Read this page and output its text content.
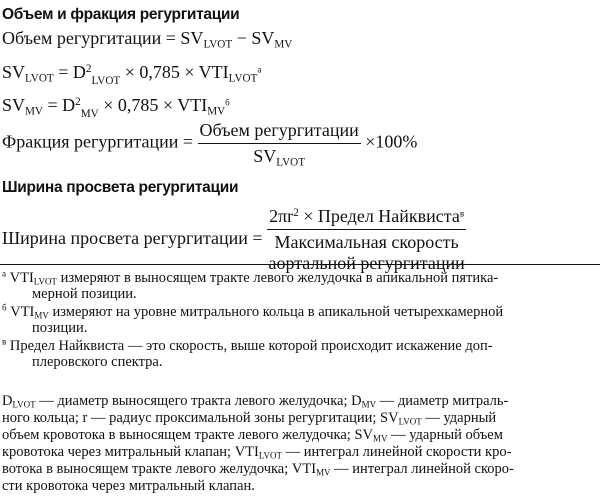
Объем и фракция регургитации
Объем регургитации = $SV_{LVOT} - SV_{MV}$
$SV_{LVOT} = D^2_{LVOT} \times 0,785 \times VTI_{LVOT}^a$
$SV_{MV} = D^2_{MV} \times 0,785 \times VTI_{MV}^б$
Фракция регургитации = $\frac{\text{Объем регургитации}}{SV_{LVOT}} \times 100\%$
Ширина просвета регургитации
Ширина просвета регургитации =
$2\pi r^2$ × Предел Найквиста$^в$
Максимальная скорость
аортальной регургитации
$^а$ $VTI_{LVOT}$ измеряют в выносящем тракте левого желудочка в апикальной пятика-
мерной позиции.
$^б$ $VTI_{MV}$ измеряют на уровне митрального кольца в апикальной четырехкамерной
позиции.
$^в$ Предел Найквиста — это скорость, выше которой происходит искажение доп-
плеровского спектра.
$D_{LVOT}$ — диаметр выносящего тракта левого желудочка; $D_{MV}$ — диаметр митраль-
ного кольца; r — радиус проксимальной зоны регургитации; $SV_{LVOT}$ — ударный
объем кровотока в выносящем тракте левого желудочка; $SV_{MV}$ — ударный объем
кровотока через митральный клапан; $VTI_{LVOT}$ — интеграл линейной скорости кро-
вотока в выносящем тракте левого желудочка; $VTI_{MV}$ — интеграл линейной скоро-
сти кровотока через митральный клапан.
